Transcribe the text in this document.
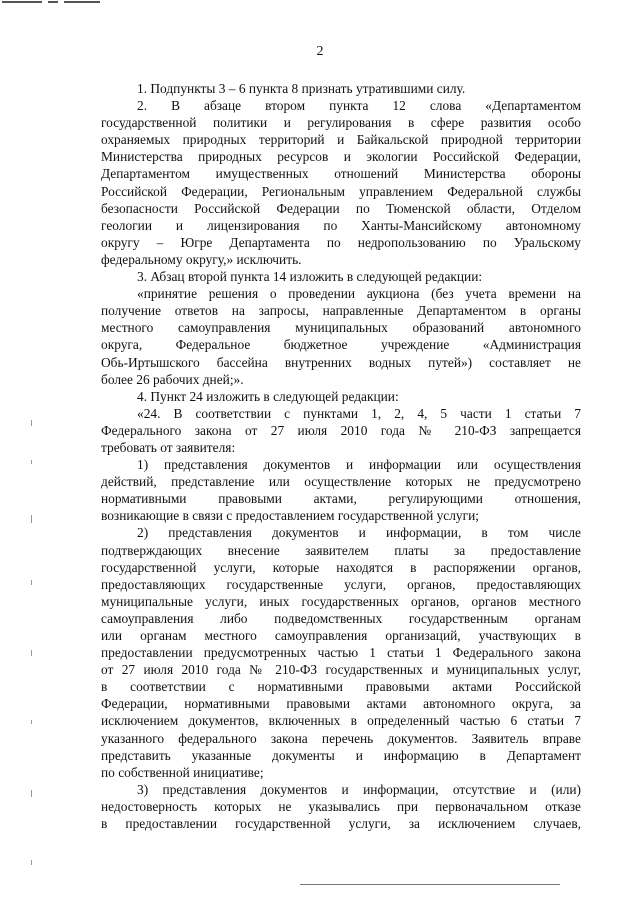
2
1. Подпункты 3 – 6 пункта 8 признать утратившими силу.
2. В абзаце втором пункта 12 слова «Департаментом
государственной политики и регулирования в сфере развития особо
охраняемых природных территорий и Байкальской природной территории
Министерства природных ресурсов и экологии Российской Федерации,
Департаментом имущественных отношений Министерства обороны
Российской Федерации, Региональным управлением Федеральной службы
безопасности Российской Федерации по Тюменской области, Отделом
геологии и лицензирования по Ханты-Мансийскому автономному
округу – Югре Департамента по недропользованию по Уральскому
федеральному округу,» исключить.
3. Абзац второй пункта 14 изложить в следующей редакции:
«принятие решения о проведении аукциона (без учета времени на
получение ответов на запросы, направленные Департаментом в органы
местного самоуправления муниципальных образований автономного
округа, Федеральное бюджетное учреждение «Администрация
Обь-Иртышского бассейна внутренних водных путей») составляет не
более 26 рабочих дней;».
4. Пункт 24 изложить в следующей редакции:
«24. В соответствии с пунктами 1, 2, 4, 5 части 1 статьи 7
Федерального закона от 27 июля 2010 года № 210-ФЗ запрещается
требовать от заявителя:
1) представления документов и информации или осуществления
действий, представление или осуществление которых не предусмотрено
нормативными правовыми актами, регулирующими отношения,
возникающие в связи с предоставлением государственной услуги;
2) представления документов и информации, в том числе
подтверждающих внесение заявителем платы за предоставление
государственной услуги, которые находятся в распоряжении органов,
предоставляющих государственные услуги, органов, предоставляющих
муниципальные услуги, иных государственных органов, органов местного
самоуправления либо подведомственных государственным органам
или органам местного самоуправления организаций, участвующих в
предоставлении предусмотренных частью 1 статьи 1 Федерального закона
от 27 июля 2010 года № 210-ФЗ государственных и муниципальных услуг,
в соответствии с нормативными правовыми актами Российской
Федерации, нормативными правовыми актами автономного округа, за
исключением документов, включенных в определенный частью 6 статьи 7
указанного федерального закона перечень документов. Заявитель вправе
представить указанные документы и информацию в Департамент
по собственной инициативе;
3) представления документов и информации, отсутствие и (или)
недостоверность которых не указывались при первоначальном отказе
в предоставлении государственной услуги, за исключением случаев,
